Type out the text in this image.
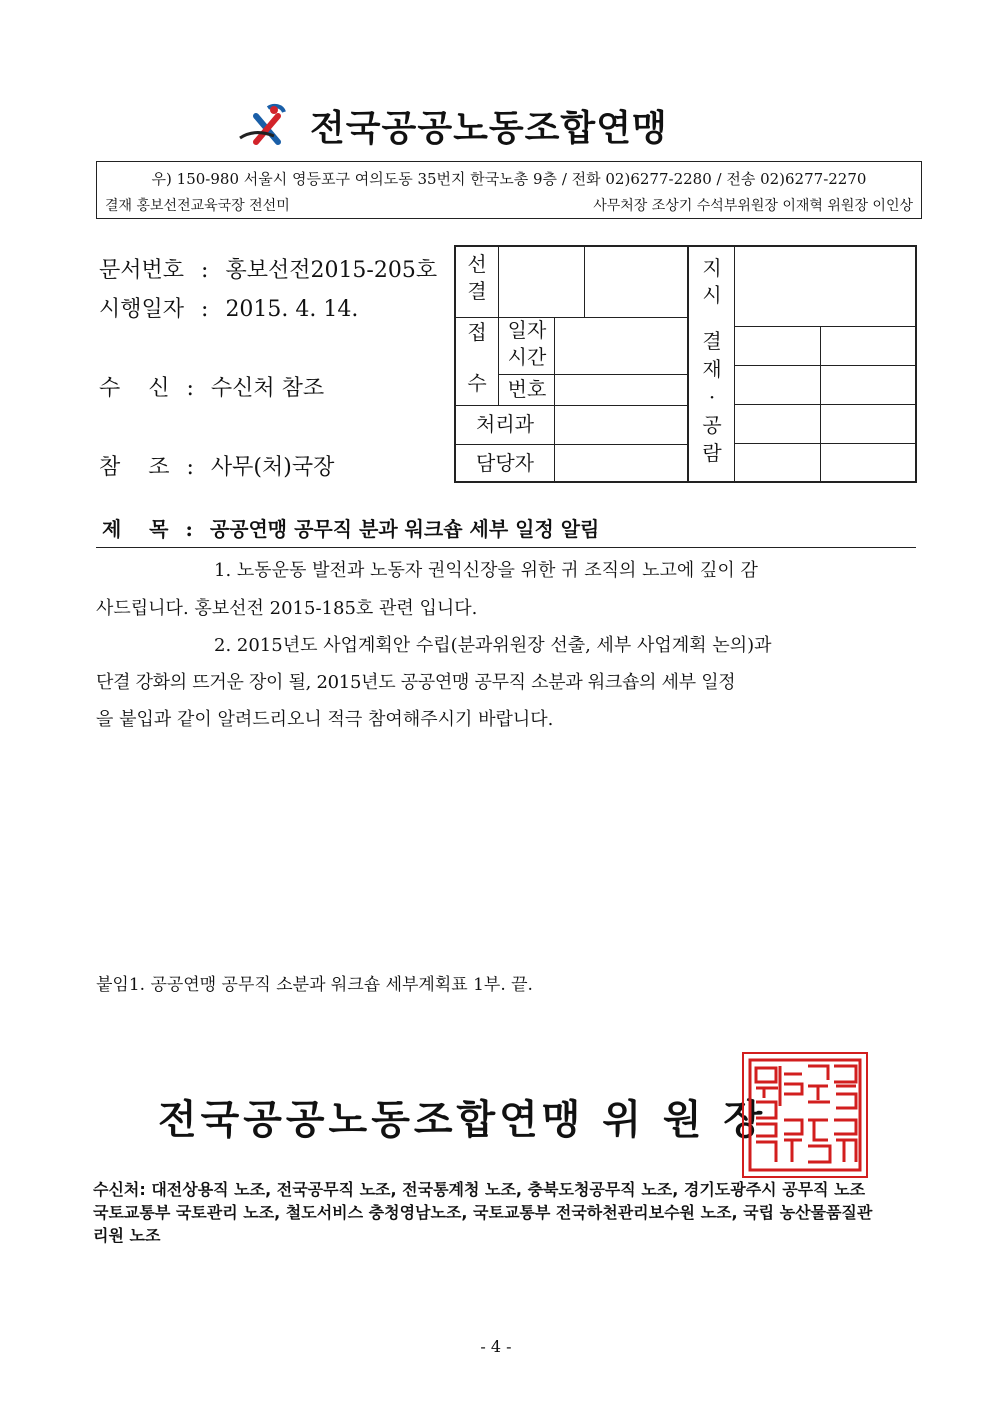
전국공공노동조합연맹
우) 150-980 서울시 영등포구 여의도동 35번지 한국노총 9층 / 전화 02)6277-2280 / 전송 02)6277-2270
결재 홍보선전교육국장 전선미	사무처장 조상기 수석부위원장 이재혁 위원장 이인상
문서번호 : 홍보선전2015-205호
시행일자 : 2015. 4. 14.
수    신 : 수신처 참조
참    조 : 사무(처)국장
선
결
접
수
일자
시간
번호
처리과
담당자
지
시
결
재
·
공
람
제    목 : 공공연맹 공무직 분과 워크숍 세부 일정 알림
1. 노동운동 발전과 노동자 권익신장을 위한 귀 조직의 노고에 깊이 감
사드립니다. 홍보선전 2015-185호 관련 입니다.
2. 2015년도 사업계획안 수립(분과위원장 선출, 세부 사업계획 논의)과
단결 강화의 뜨거운 장이 될, 2015년도 공공연맹 공무직 소분과 워크숍의 세부 일정
을 붙입과 같이 알려드리오니 적극 참여해주시기 바랍니다.
붙임1. 공공연맹 공무직 소분과 워크숍 세부계획표 1부. 끝.
전국공공노동조합연맹 위 원 장
수신처: 대전상용직 노조, 전국공무직 노조, 전국통계청 노조, 충북도청공무직 노조, 경기도광주시 공무직 노조 국토교통부 국토관리 노조, 철도서비스 충청영남노조, 국토교통부 전국하천관리보수원 노조, 국립 농산물품질관리원 노조
- 4 -
